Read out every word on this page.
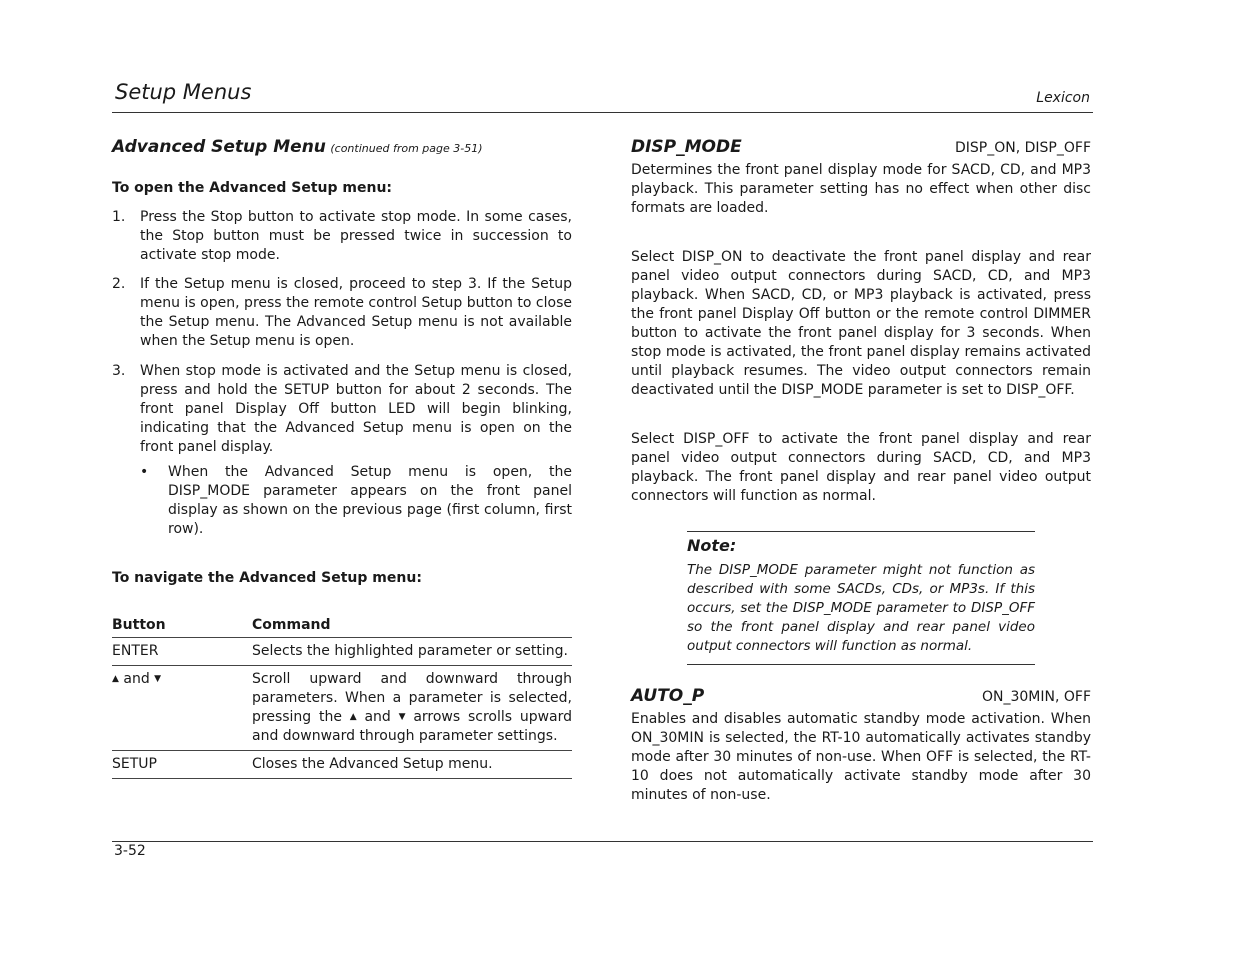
Setup Menus	Lexicon
Advanced Setup Menu (continued from page 3-51)
To open the Advanced Setup menu:
1. Press the Stop button to activate stop mode. In some cases, the Stop button must be pressed twice in succession to activate stop mode.
2. If the Setup menu is closed, proceed to step 3. If the Setup menu is open, press the remote control Setup button to close the Setup menu. The Advanced Setup menu is not available when the Setup menu is open.
3. When stop mode is activated and the Setup menu is closed, press and hold the SETUP button for about 2 seconds. The front panel Display Off button LED will begin blinking, indicating that the Advanced Setup menu is open on the front panel display.
• When the Advanced Setup menu is open, the DISP_MODE parameter appears on the front panel display as shown on the previous page (first column, first row).
To navigate the Advanced Setup menu:
Button	Command
ENTER	Selects the highlighted parameter or setting.
▲ and ▼	Scroll upward and downward through parameters. When a parameter is selected, pressing the ▲ and ▼ arrows scrolls upward and downward through parameter settings.
SETUP	Closes the Advanced Setup menu.
DISP_MODE	DISP_ON, DISP_OFF

Determines the front panel display mode for SACD, CD, and MP3 playback. This parameter setting has no effect when other disc formats are loaded.

Select DISP_ON to deactivate the front panel display and rear panel video output connectors during SACD, CD, and MP3 playback. When SACD, CD, or MP3 playback is activated, press the front panel Display Off button or the remote control DIMMER button to activate the front panel display for 3 seconds. When stop mode is activated, the front panel display remains activated until playback resumes. The video output connectors remain deactivated until the DISP_MODE parameter is set to DISP_OFF.

Select DISP_OFF to activate the front panel display and rear panel video output connectors during SACD, CD, and MP3 playback. The front panel display and rear panel video output connectors will function as normal.

Note:
The DISP_MODE parameter might not function as described with some SACDs, CDs, or MP3s. If this occurs, set the DISP_MODE parameter to DISP_OFF so the front panel display and rear panel video output connectors will function as normal.
AUTO_P	ON_30MIN, OFF

Enables and disables automatic standby mode activation. When ON_30MIN is selected, the RT-10 automatically activates standby mode after 30 minutes of non-use. When OFF is selected, the RT-10 does not automatically activate standby mode after 30 minutes of non-use.

3-52
